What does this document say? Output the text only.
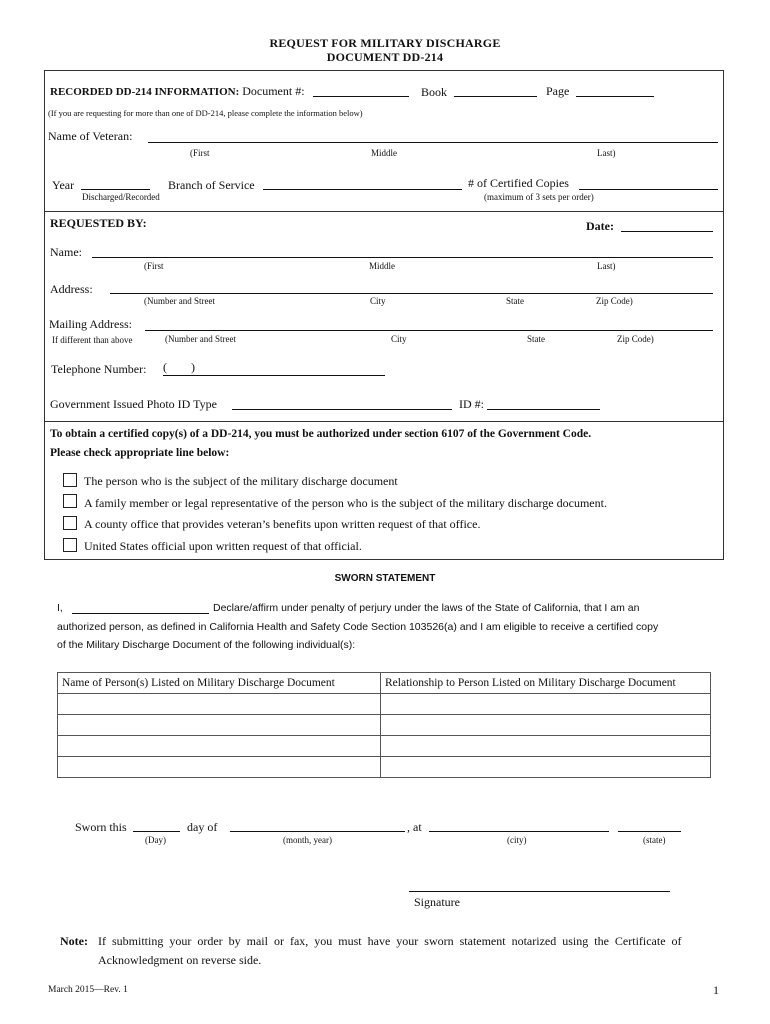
REQUEST FOR MILITARY DISCHARGE
DOCUMENT DD-214
RECORDED DD-214 INFORMATION: Document #:	Book	Page
(If you are requesting for more than one of DD-214, please complete the information below)
Name of Veteran:
(First	Middle	Last)
Year
Discharged/Recorded
Branch of Service	# of Certified Copies
(maximum of 3 sets per order)
REQUESTED BY:	Date:
Name:
(First	Middle	Last)
Address:
(Number and Street	City	State	Zip Code)
Mailing Address:
If different than above	(Number and Street	City	State	Zip Code)
Telephone Number: (        )
Government Issued Photo ID Type	ID #:
To obtain a certified copy(s) of a DD-214, you must be authorized under section 6107 of the Government Code.
Please check appropriate line below:
The person who is the subject of the military discharge document
A family member or legal representative of the person who is the subject of the military discharge document.
A county office that provides veteran’s benefits upon written request of that office.
United States official upon written request of that official.
SWORN STATEMENT
I,	Declare/affirm under penalty of perjury under the laws of the State of California, that I am an
authorized person, as defined in California Health and Safety Code Section 103526(a) and I am eligible to receive a certified copy
of the Military Discharge Document of the following individual(s):
Name of Person(s) Listed on Military Discharge Document	Relationship to Person Listed on Military Discharge Document

Sworn this
(Day)
day of
(month, year)
, at
(city)	(state)
Signature
Note: If  submitting  your  order  by  mail  or  fax,  you  must  have  your  sworn  statement  notarized  using  the  Certificate  of
Acknowledgment on reverse side.
March 2015—Rev. 1	1
